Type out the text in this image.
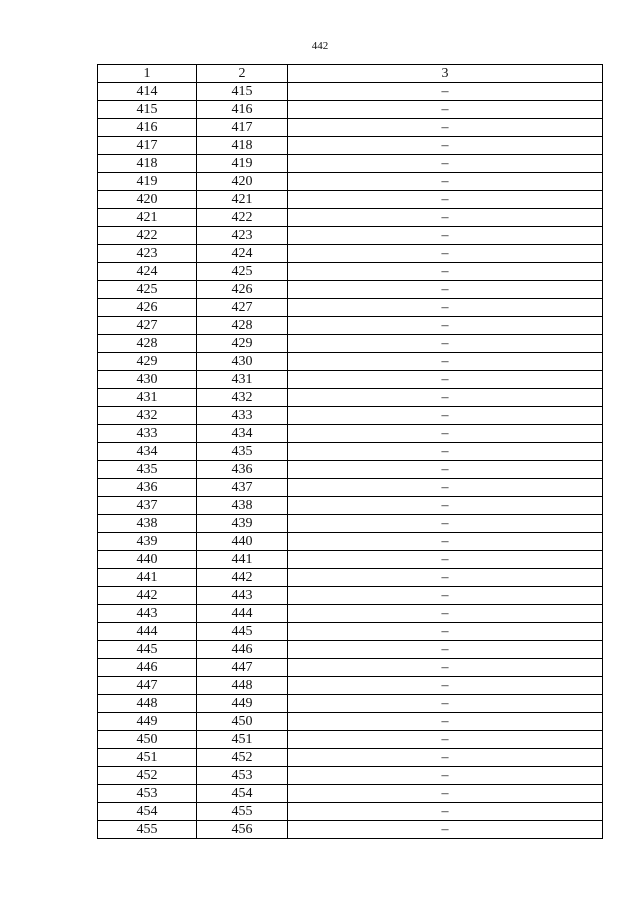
442
1	2	3
414	415	–
415	416	–
416	417	–
417	418	–
418	419	–
419	420	–
420	421	–
421	422	–
422	423	–
423	424	–
424	425	–
425	426	–
426	427	–
427	428	–
428	429	–
429	430	–
430	431	–
431	432	–
432	433	–
433	434	–
434	435	–
435	436	–
436	437	–
437	438	–
438	439	–
439	440	–
440	441	–
441	442	–
442	443	–
443	444	–
444	445	–
445	446	–
446	447	–
447	448	–
448	449	–
449	450	–
450	451	–
451	452	–
452	453	–
453	454	–
454	455	–
455	456	–
